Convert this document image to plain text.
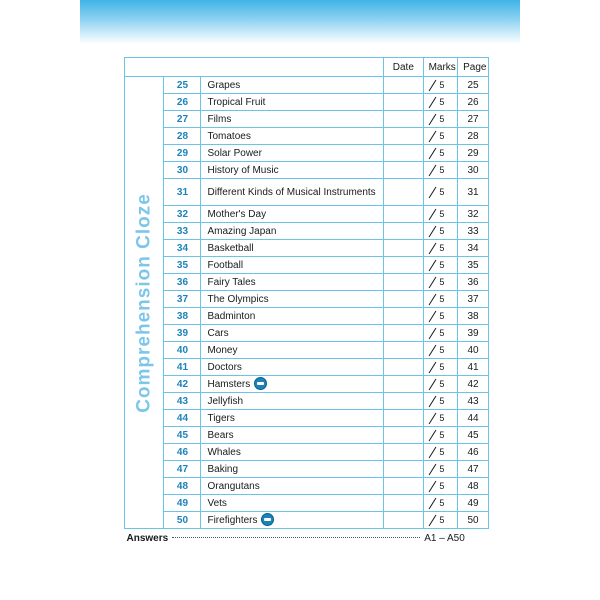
			Date	Marks	Page

Comprehension Cloze	25	Grapes		5	25
	26	Tropical Fruit		5	26
	27	Films		5	27
	28	Tomatoes		5	28
	29	Solar Power		5	29
	30	History of Music		5	30
	31	Different Kinds of Musical Instruments		5	31
	32	Mother's Day		5	32
	33	Amazing Japan		5	33
	34	Basketball		5	34
	35	Football		5	35
	36	Fairy Tales		5	36
	37	The Olympics		5	37
	38	Badminton		5	38
	39	Cars		5	39
	40	Money		5	40
	41	Doctors		5	41
	42	Hamsters		5	42
	43	Jellyfish		5	43
	44	Tigers		5	44
	45	Bears		5	45
	46	Whales		5	46
	47	Baking		5	47
	48	Orangutans		5	48
	49	Vets		5	49
	50	Firefighters		5	50
Answers A1 – A50					
